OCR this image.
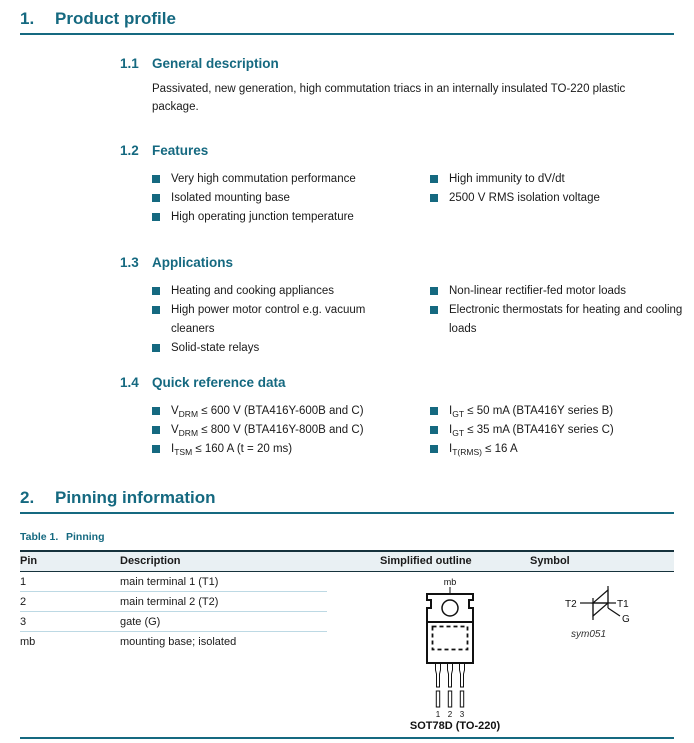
1.	Product profile
1.1 General description

Passivated, new generation, high commutation triacs in an internally insulated TO-220 plastic package.

1.2 Features
Very high commutation performance
Isolated mounting base
High operating junction temperature
High immunity to dV/dt
2500 V RMS isolation voltage
1.3 Applications
Heating and cooking appliances
High power motor control e.g. vacuum cleaners
Solid-state relays
Non-linear rectifier-fed motor loads
Electronic thermostats for heating and cooling loads
1.4 Quick reference data
$V_{DRM} \le 600$ V (BTA416Y-600B and C)
$V_{DRM} \le 800$ V (BTA416Y-800B and C)
$I_{TSM} \le 160$ A (t = 20 ms)
$I_{GT} \le 50$ mA (BTA416Y series B)
$I_{GT} \le 35$ mA (BTA416Y series C)
$I_{T(RMS)} \le 16$ A
2.	Pinning information
Table 1. Pinning
Pin	Description	Simplified outline	Symbol
1	main terminal 1 (T1)
2	main terminal 2 (T2)
3	gate (G)
mb	mounting base; isolated
mb
1 2 3
SOT78D (TO-220)
T2	T1
G
sym051
